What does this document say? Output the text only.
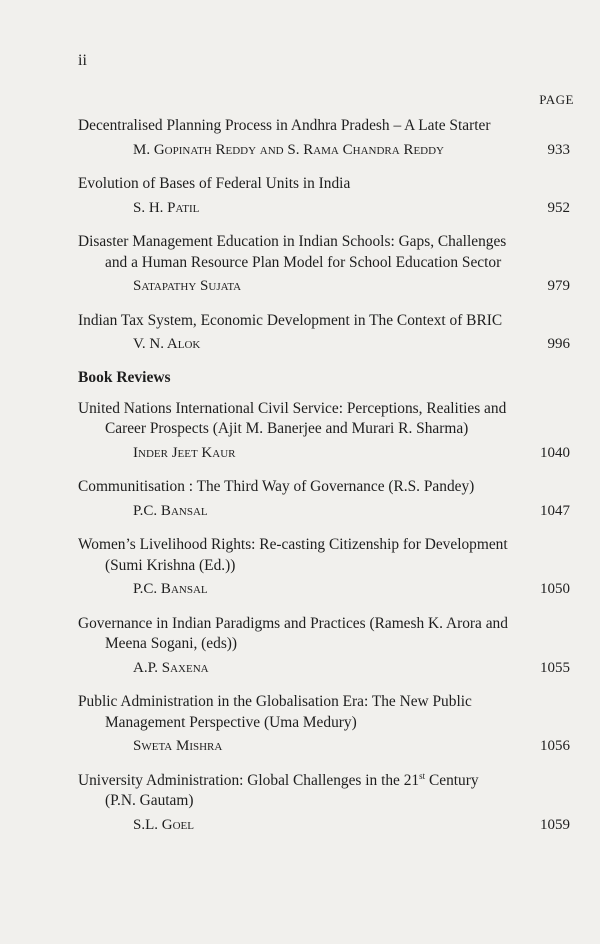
ii
PAGE
Decentralised Planning Process in Andhra Pradesh – A Late Starter
M. Gopinath Reddy and S. Rama Chandra Reddy	933
Evolution of Bases of Federal Units in India
S. H. Patil	952
Disaster Management Education in Indian Schools: Gaps, Challenges
and a Human Resource Plan Model for School Education Sector
Satapathy Sujata	979
Indian Tax System, Economic Development in The Context of BRIC
V. N. Alok	996
Book Reviews
United Nations International Civil Service: Perceptions, Realities and
Career Prospects (Ajit M. Banerjee and Murari R. Sharma)
Inder Jeet Kaur	1040
Communitisation : The Third Way of Governance (R.S. Pandey)
P.C. Bansal	1047
Women’s Livelihood Rights: Re-casting Citizenship for Development
(Sumi Krishna (Ed.))
P.C. Bansal	1050
Governance in Indian Paradigms and Practices (Ramesh K. Arora and
Meena Sogani, (eds))
A.P. Saxena	1055
Public Administration in the Globalisation Era: The New Public
Management Perspective (Uma Medury)
Sweta Mishra	1056
University Administration: Global Challenges in the 21st Century
(P.N. Gautam)
S.L. Goel	1059
